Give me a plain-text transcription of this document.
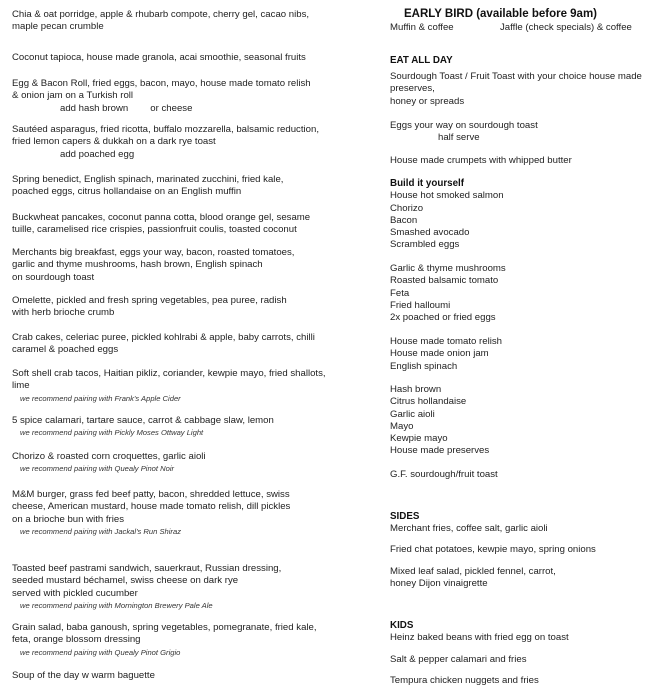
EARLY BIRD (available before 9am)
Muffin & coffee	Jaffle (check specials) & coffee
Chia & oat porridge, apple & rhubarb compote, cherry gel, cacao nibs,
maple pecan crumble
Coconut tapioca, house made granola, acai smoothie, seasonal fruits
Egg & Bacon Roll, fried eggs, bacon, mayo, house made tomato relish
& onion jam on a Turkish roll
add hash brown or cheese
Sautéed asparagus, fried ricotta, buffalo mozzarella, balsamic reduction,
fried lemon capers & dukkah on a dark rye toast
add poached egg
Spring benedict, English spinach, marinated zucchini, fried kale,
poached eggs, citrus hollandaise on an English muffin
Buckwheat pancakes, coconut panna cotta, blood orange gel, sesame
tuille, caramelised rice crispies, passionfruit coulis, toasted coconut
Merchants big breakfast, eggs your way, bacon, roasted tomatoes,
garlic and thyme mushrooms, hash brown, English spinach
on sourdough toast
Omelette, pickled and fresh spring vegetables, pea puree, radish
with herb brioche crumb
Crab cakes, celeriac puree, pickled kohlrabi & apple, baby carrots, chilli
caramel & poached eggs
Soft shell crab tacos, Haitian pikliz, coriander, kewpie mayo, fried shallots,
lime
we recommend pairing with Frank's Apple Cider
5 spice calamari, tartare sauce, carrot & cabbage slaw, lemon
we recommend pairing with Pickly Moses Ottway Light
Chorizo & roasted corn croquettes, garlic aioli
we recommend pairing with Quealy Pinot Noir
M&M burger, grass fed beef patty, bacon, shredded lettuce, swiss
cheese, American mustard, house made tomato relish, dill pickles
on a brioche bun with fries
we recommend pairing with Jackal's Run Shiraz
Toasted beef pastrami sandwich, sauerkraut, Russian dressing,
seeded mustard béchamel, swiss cheese on dark rye
served with pickled cucumber
we recommend pairing with Mornington Brewery Pale Ale
Grain salad, baba ganoush, spring vegetables, pomegranate, fried kale,
feta, orange blossom dressing
we recommend pairing with Quealy Pinot Grigio
Soup of the day w warm baguette
EAT ALL DAY
Sourdough Toast / Fruit Toast with your choice house made
preserves,
honey or spreads
Eggs your way on sourdough toast
half serve
House made crumpets with whipped butter
Build it yourself
House hot smoked salmon
Chorizo
Bacon
Smashed avocado
Scrambled eggs
Garlic & thyme mushrooms
Roasted balsamic tomato
Feta
Fried halloumi
2x poached or fried eggs
House made tomato relish
House made onion jam
English spinach
Hash brown
Citrus hollandaise
Garlic aioli
Mayo
Kewpie mayo
House made preserves
G.F. sourdough/fruit toast
SIDES
Merchant fries, coffee salt, garlic aioli
Fried chat potatoes, kewpie mayo, spring onions
Mixed leaf salad, pickled fennel, carrot,
honey Dijon vinaigrette
KIDS
Heinz baked beans with fried egg on toast
Salt & pepper calamari and fries
Tempura chicken nuggets and fries
